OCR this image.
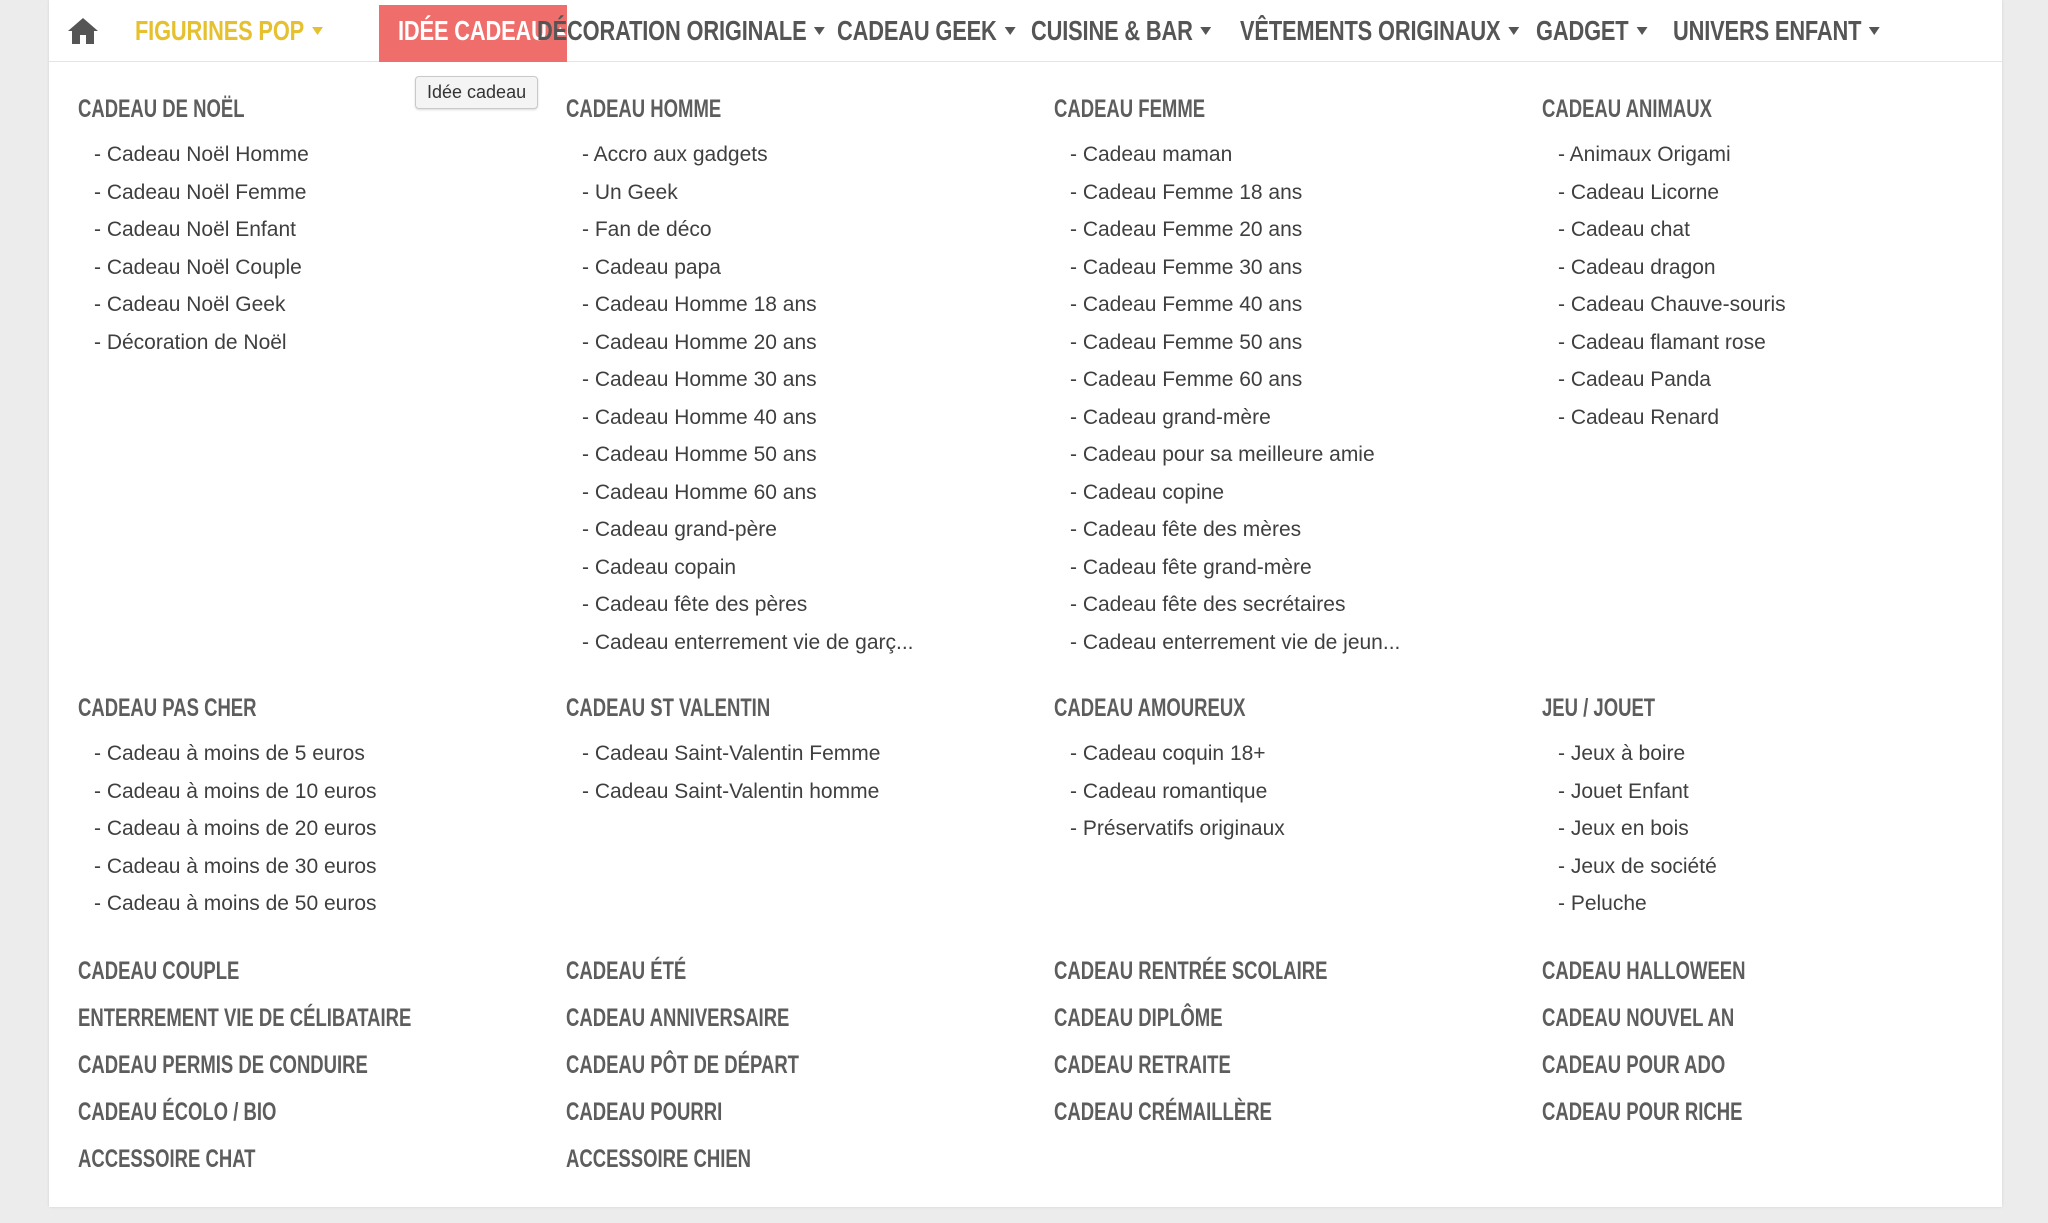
FIGURINES POP	IDÉE CADEAU
DÉCORATION ORIGINALE CADEAU GEEK CUISINE & BAR VÊTEMENTS ORIGINAUX GADGET UNIVERS ENFANT
Idée cadeau
CADEAU DE NOËL
- Cadeau Noël Homme
- Cadeau Noël Femme
- Cadeau Noël Enfant
- Cadeau Noël Couple
- Cadeau Noël Geek
- Décoration de Noël
CADEAU HOMME
- Accro aux gadgets
- Un Geek
- Fan de déco
- Cadeau papa
- Cadeau Homme 18 ans
- Cadeau Homme 20 ans
- Cadeau Homme 30 ans
- Cadeau Homme 40 ans
- Cadeau Homme 50 ans
- Cadeau Homme 60 ans
- Cadeau grand-père
- Cadeau copain
- Cadeau fête des pères
- Cadeau enterrement vie de garç...
CADEAU FEMME
- Cadeau maman
- Cadeau Femme 18 ans
- Cadeau Femme 20 ans
- Cadeau Femme 30 ans
- Cadeau Femme 40 ans
- Cadeau Femme 50 ans
- Cadeau Femme 60 ans
- Cadeau grand-mère
- Cadeau pour sa meilleure amie
- Cadeau copine
- Cadeau fête des mères
- Cadeau fête grand-mère
- Cadeau fête des secrétaires
- Cadeau enterrement vie de jeun...
CADEAU ANIMAUX
- Animaux Origami
- Cadeau Licorne
- Cadeau chat
- Cadeau dragon
- Cadeau Chauve-souris
- Cadeau flamant rose
- Cadeau Panda
- Cadeau Renard
CADEAU PAS CHER
- Cadeau à moins de 5 euros
- Cadeau à moins de 10 euros
- Cadeau à moins de 20 euros
- Cadeau à moins de 30 euros
- Cadeau à moins de 50 euros
CADEAU ST VALENTIN
- Cadeau Saint-Valentin Femme
- Cadeau Saint-Valentin homme
CADEAU AMOUREUX
- Cadeau coquin 18+
- Cadeau romantique
- Préservatifs originaux
JEU / JOUET
- Jeux à boire
- Jouet Enfant
- Jeux en bois
- Jeux de société
- Peluche
CADEAU COUPLE
ENTERREMENT VIE DE CÉLIBATAIRE
CADEAU PERMIS DE CONDUIRE
CADEAU ÉCOLO / BIO
ACCESSOIRE CHAT
CADEAU ÉTÉ
CADEAU ANNIVERSAIRE
CADEAU PÔT DE DÉPART
CADEAU POURRI
ACCESSOIRE CHIEN
CADEAU RENTRÉE SCOLAIRE
CADEAU DIPLÔME
CADEAU RETRAITE
CADEAU CRÉMAILLÈRE
CADEAU HALLOWEEN
CADEAU NOUVEL AN
CADEAU POUR ADO
CADEAU POUR RICHE
